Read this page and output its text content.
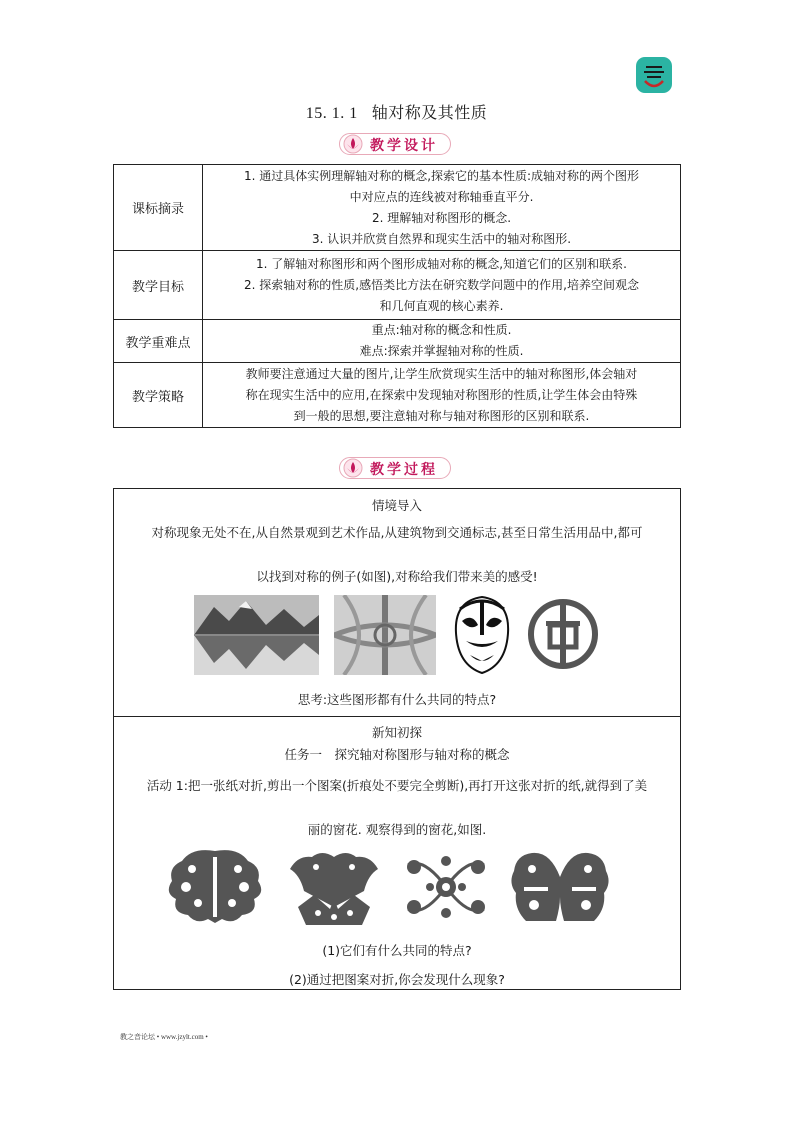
15. 1. 1 轴对称及其性质
教学设计
课标摘录	1. 通过具体实例理解轴对称的概念,探索它的基本性质:成轴对称的两个图形

中对应点的连线被对称轴垂直平分.

2. 理解轴对称图形的概念.

3. 认识并欣赏自然界和现实生活中的轴对称图形.

教学目标	1. 了解轴对称图形和两个图形成轴对称的概念,知道它们的区别和联系.

2. 探索轴对称的性质,感悟类比方法在研究数学问题中的作用,培养空间观念

和几何直观的核心素养.

教学重难点	重点:轴对称的概念和性质.

难点:探索并掌握轴对称的性质.

教学策略	教师要注意通过大量的图片,让学生欣赏现实生活中的轴对称图形,体会轴对

称在现实生活中的应用,在探索中发现轴对称图形的性质,让学生体会由特殊

到一般的思想,要注意轴对称与轴对称图形的区别和联系.

教学过程
情境导入
对称现象无处不在,从自然景观到艺术作品,从建筑物到交通标志,甚至日常生活用品中,都可
以找到对称的例子(如图),对称给我们带来美的感受!
思考:这些图形都有什么共同的特点?
新知初探
任务一　探究轴对称图形与轴对称的概念
活动 1:把一张纸对折,剪出一个图案(折痕处不要完全剪断),再打开这张对折的纸,就得到了美
丽的窗花. 观察得到的窗花,如图.
(1)它们有什么共同的特点?
(2)通过把图案对折,你会发现什么现象?
教之音论坛 • www.jzylt.com •
